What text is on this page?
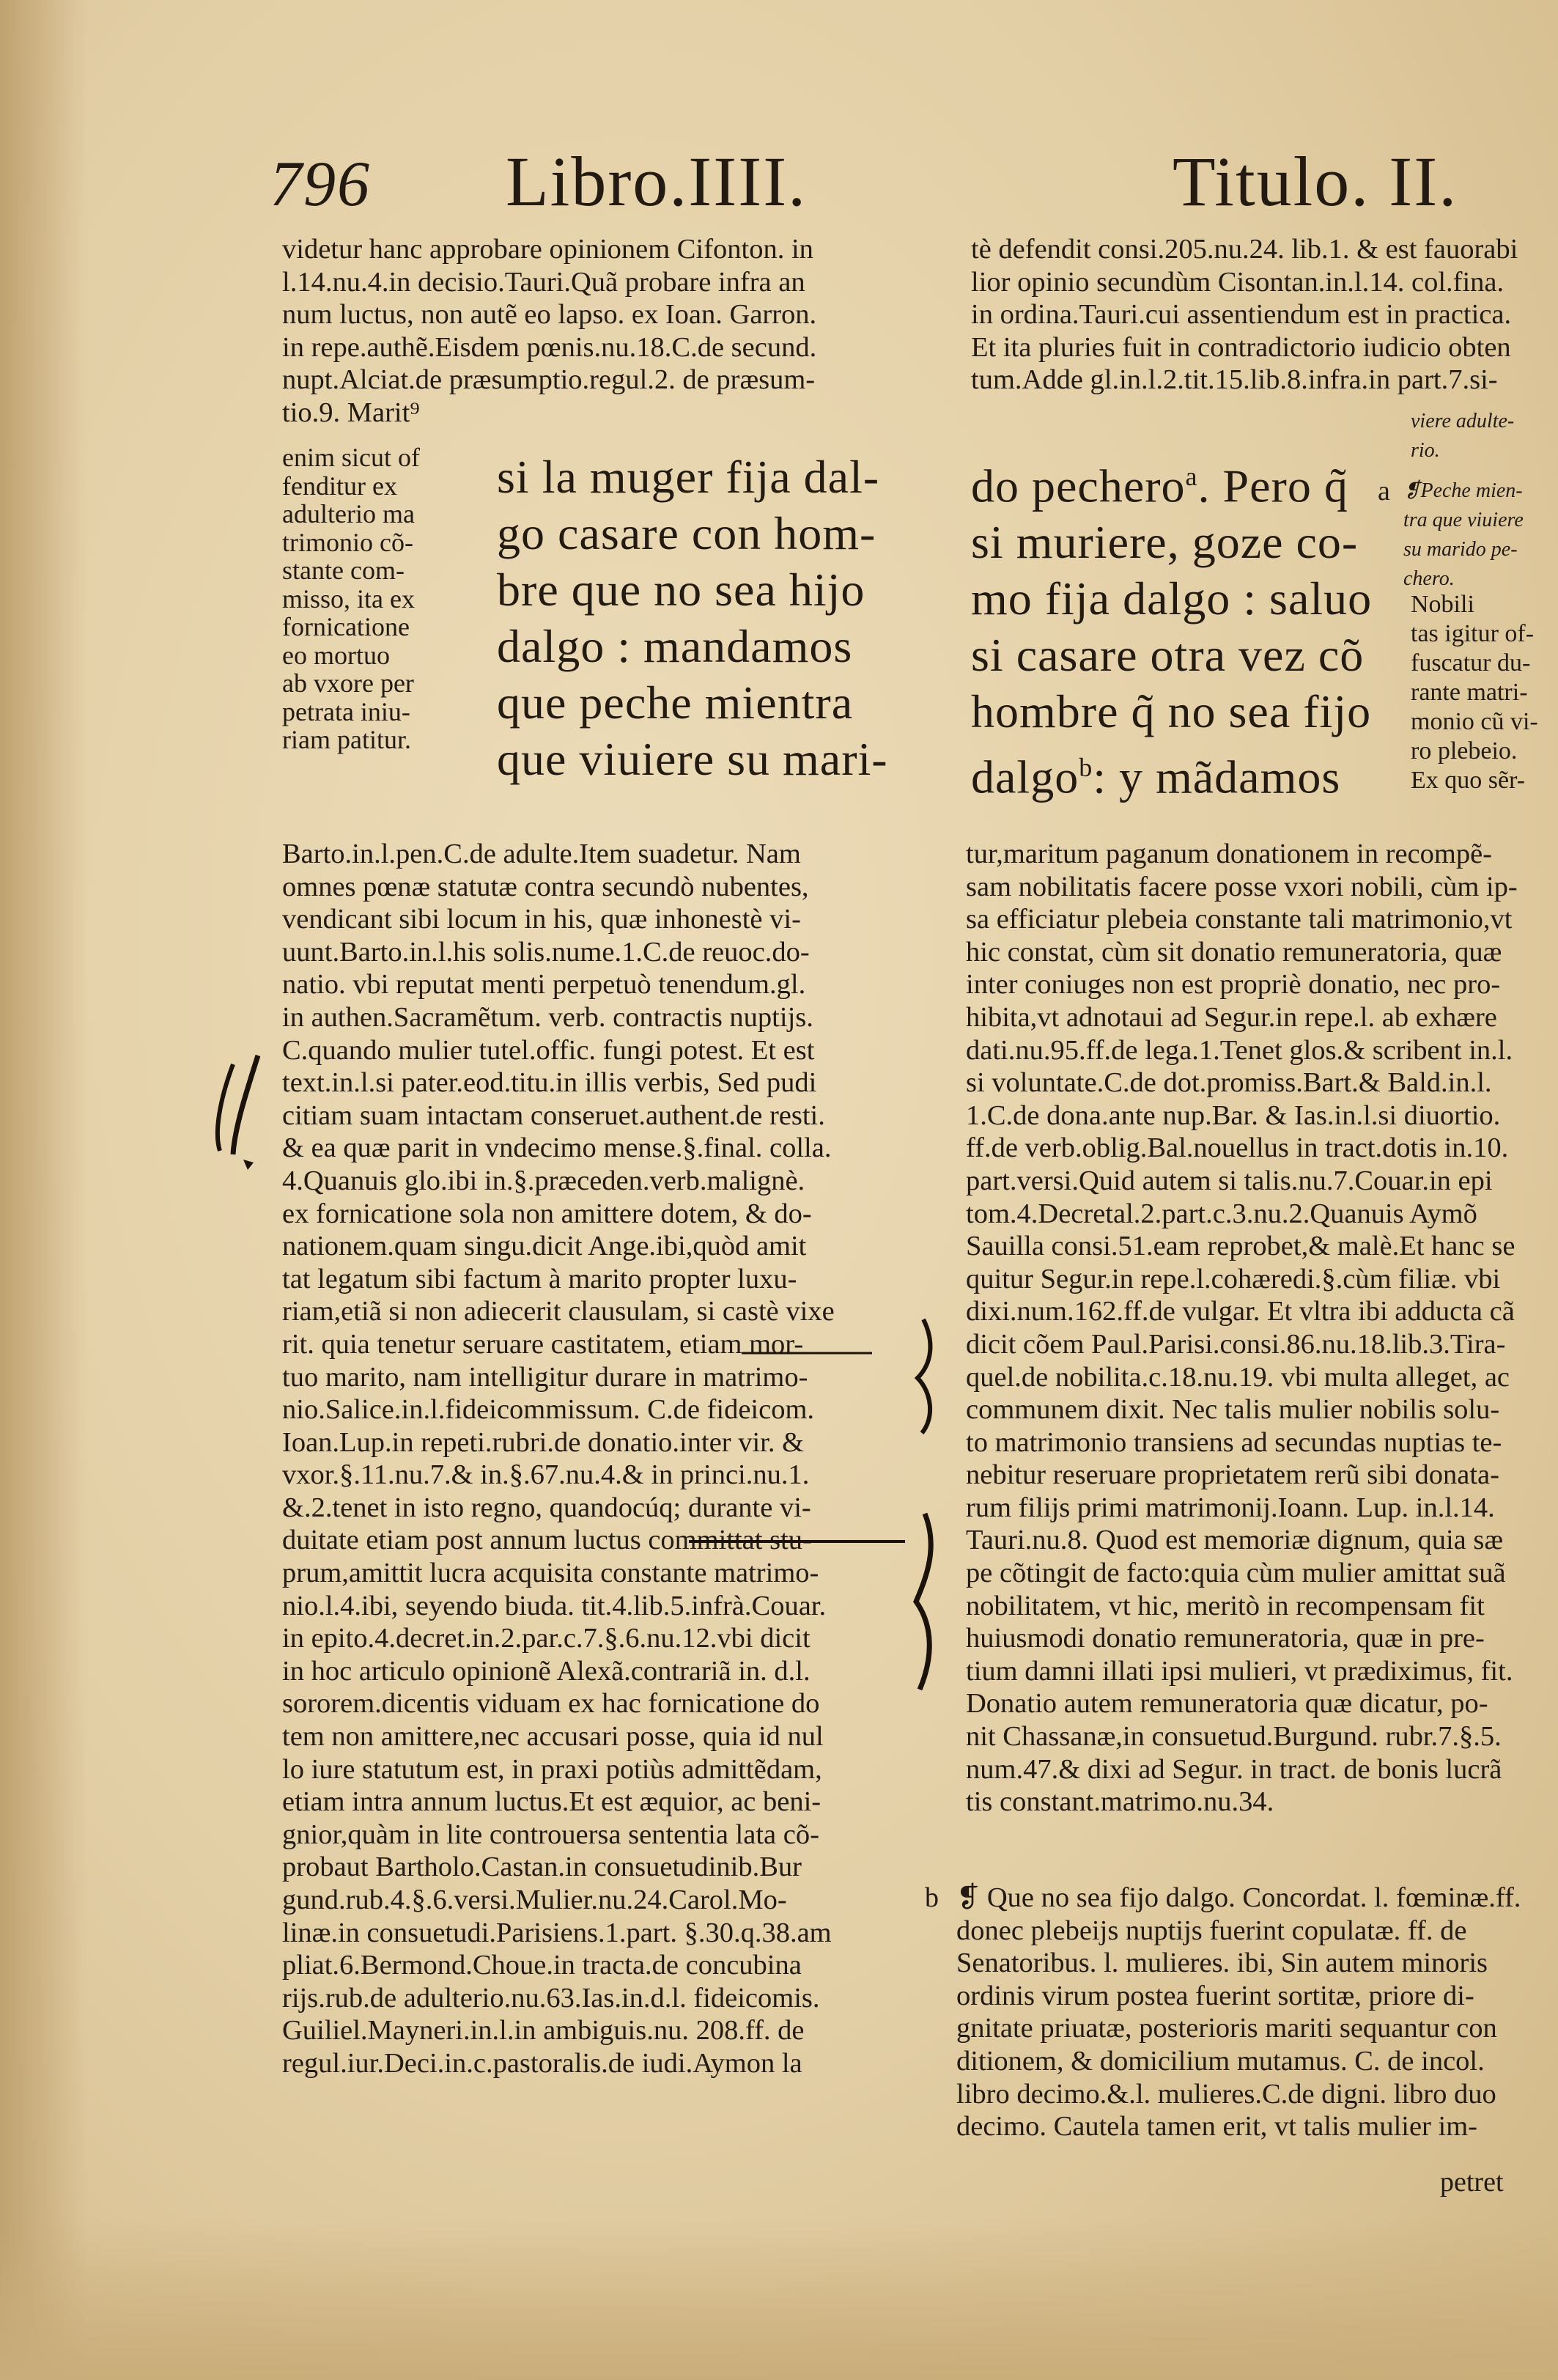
796 Libro.IIII.	Titulo. II.
videtur hanc approbare opinionem Cifonton. in
l.14.nu.4.in decisio.Tauri.Quã probare infra an
num luctus, non autẽ eo lapso. ex Ioan. Garron.
in repe.authẽ.Eisdem pœnis.nu.18.C.de secund.
nupt.Alciat.de præsumptio.regul.2. de præsum-
tio.9. Marit⁹
enim sicut of
fenditur ex
adulterio ma
trimonio cõ-
stante com-
misso, ita ex
fornicatione
eo mortuo
ab vxore per
petrata iniu-
riam patitur.
si la muger fija dal-
go casare con hom-
bre que no sea hijo
dalgo : mandamos
que peche mientra
que viuiere su mari-
do pechero$^a$. Pero q̃
si muriere, goze co-
mo fija dalgo : saluo
si casare otra vez cõ
hombre q̃ no sea fijo
dalgo$^b$: y mãdamos
Barto.in.l.pen.C.de adulte.Item suadetur. Nam
omnes pœnæ statutæ contra secundò nubentes,
vendicant sibi locum in his, quæ inhonestè vi-
uunt.Barto.in.l.his solis.nume.1.C.de reuoc.do-
natio. vbi reputat menti perpetuò tenendum.gl.
in authen.Sacramẽtum. verb. contractis nuptijs.
C.quando mulier tutel.offic. fungi potest. Et est
text.in.l.si pater.eod.titu.in illis verbis, Sed pudi
citiam suam intactam conseruet.authent.de resti.
& ea quæ parit in vndecimo mense.§.final. colla.
4.Quanuis glo.ibi in.§.præceden.verb.malignè.
ex fornicatione sola non amittere dotem, & do-
nationem.quam singu.dicit Ange.ibi,quòd amit
tat legatum sibi factum à marito propter luxu-
riam,etiã si non adiecerit clausulam, si castè vixe
rit. quia tenetur seruare castitatem, etiam mor-
tuo marito, nam intelligitur durare in matrimo-
nio.Salice.in.l.fideicommissum. C.de fideicom.
Ioan.Lup.in repeti.rubri.de donatio.inter vir. &
vxor.§.11.nu.7.& in.§.67.nu.4.& in princi.nu.1.
&.2.tenet in isto regno, quandocúq; durante vi-
duitate etiam post annum luctus committat stu-
prum,amittit lucra acquisita constante matrimo-
nio.l.4.ibi, seyendo biuda. tit.4.lib.5.infrà.Couar.
in epito.4.decret.in.2.par.c.7.§.6.nu.12.vbi dicit
in hoc articulo opinionẽ Alexã.contrariã in. d.l.
sororem.dicentis viduam ex hac fornicatione do
tem non amittere,nec accusari posse, quia id nul
lo iure statutum est, in praxi potiùs admittẽdam,
etiam intra annum luctus.Et est æquior, ac beni-
gnior,quàm in lite controuersa sententia lata cõ-
probaut Bartholo.Castan.in consuetudinib.Bur
gund.rub.4.§.6.versi.Mulier.nu.24.Carol.Mo-
linæ.in consuetudi.Parisiens.1.part. §.30.q.38.am
pliat.6.Bermond.Choue.in tracta.de concubina
rijs.rub.de adulterio.nu.63.Ias.in.d.l. fideicomis.
Guiliel.Mayneri.in.l.in ambiguis.nu. 208.ff. de
regul.iur.Deci.in.c.pastoralis.de iudi.Aymon la
tè defendit consi.205.nu.24. lib.1. & est fauorabi
lior opinio secundùm Cisontan.in.l.14. col.fina.
in ordina.Tauri.cui assentiendum est in practica.
Et ita pluries fuit in contradictorio iudicio obten
tum.Adde gl.in.l.2.tit.15.lib.8.infra.in part.7.si-
viere adulte-
rio.
a ❡Peche mien-
tra que viuiere
su marido pe-
chero.
Nobili
tas igitur of-
fuscatur du-
rante matri-
monio cũ vi-
ro plebeio.
Ex quo sẽr-
tur,maritum paganum donationem in recompẽ-
sam nobilitatis facere posse vxori nobili, cùm ip-
sa efficiatur plebeia constante tali matrimonio,vt
hic constat, cùm sit donatio remuneratoria, quæ
inter coniuges non est propriè donatio, nec pro-
hibita,vt adnotaui ad Segur.in repe.l. ab exhære
dati.nu.95.ff.de lega.1.Tenet glos.& scribent in.l.
si voluntate.C.de dot.promiss.Bart.& Bald.in.l.
1.C.de dona.ante nup.Bar. & Ias.in.l.si diuortio.
ff.de verb.oblig.Bal.nouellus in tract.dotis in.10.
part.versi.Quid autem si talis.nu.7.Couar.in epi
tom.4.Decretal.2.part.c.3.nu.2.Quanuis Aymõ
Sauilla consi.51.eam reprobet,& malè.Et hanc se
quitur Segur.in repe.l.cohæredi.§.cùm filiæ. vbi
dixi.num.162.ff.de vulgar. Et vltra ibi adducta cã
dicit cõem Paul.Parisi.consi.86.nu.18.lib.3.Tira-
quel.de nobilita.c.18.nu.19. vbi multa alleget, ac
communem dixit. Nec talis mulier nobilis solu-
to matrimonio transiens ad secundas nuptias te-
nebitur reseruare proprietatem rerũ sibi donata-
rum filijs primi matrimonij.Ioann. Lup. in.l.14.
Tauri.nu.8. Quod est memoriæ dignum, quia sæ
pe cõtingit de facto:quia cùm mulier amittat suã
nobilitatem, vt hic, meritò in recompensam fit
huiusmodi donatio remuneratoria, quæ in pre-
tium damni illati ipsi mulieri, vt prædiximus, fit.
Donatio autem remuneratoria quæ dicatur, po-
nit Chassanæ,in consuetud.Burgund. rubr.7.§.5.
num.47.& dixi ad Segur. in tract. de bonis lucrã
tis constant.matrimo.nu.34.
b ❡ Que no sea fijo dalgo. Concordat. l. fœminæ.ff.
donec plebeijs nuptijs fuerint copulatæ. ff. de
Senatoribus. l. mulieres. ibi, Sin autem minoris
ordinis virum postea fuerint sortitæ, priore di-
gnitate priuatæ, posterioris mariti sequantur con
ditionem, & domicilium mutamus. C. de incol.
libro decimo.&.l. mulieres.C.de digni. libro duo
decimo. Cautela tamen erit, vt talis mulier im-
petret
